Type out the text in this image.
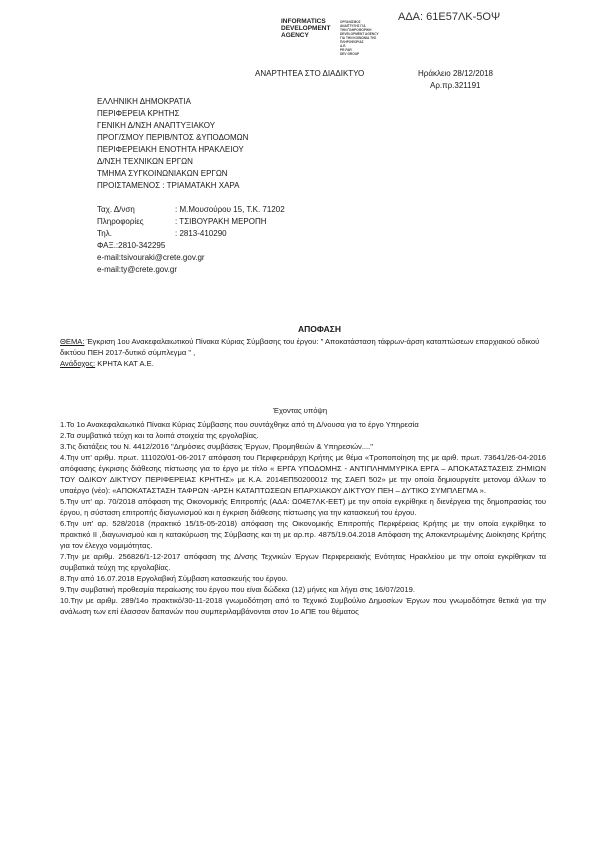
ΑΔΑ: 61Ε57ΛΚ-5ΟΨ
INFORMATICS
DEVELOPMENT
AGENCY
ΟΡΓΑΝΙΣΜΟΣ
ΑΝΑΠΤΥΞΗΣ ΓΙΑ
ΤΗΝ ΠΛΗΡΟΦΟΡΙΚΗ
DEVELOPMENT AGENCY
ΓΙΑ ΤΗΝ ΚΟΙΝΩΝΙΑ ΤΗΣ
ΠΛΗΡΟΦΟΡΙΑΣ
Α.Ε.
PR FAR
DEV GROUP
ΑΝΑΡΤΗΤΕΑ ΣΤΟ ΔΙΑΔΙΚΤΥΟ	Ηράκλειο 28/12/2018
Αρ.πρ.321191
ΕΛΛΗΝΙΚΗ ΔΗΜΟΚΡΑΤΙΑ
ΠΕΡΙΦΕΡΕΙΑ ΚΡΗΤΗΣ
ΓΕΝΙΚΗ Δ/ΝΣΗ ΑΝΑΠΤΥΞΙΑΚΟΥ
ΠΡΟΓ/ΣΜΟΥ ΠΕΡΙΒ/ΝΤΟΣ &ΥΠΟΔΟΜΩΝ
ΠΕΡΙΦΕΡΕΙΑΚΗ ΕΝΟΤΗΤΑ ΗΡΑΚΛΕΙΟΥ
Δ/ΝΣΗ ΤΕΧΝΙΚΩΝ ΕΡΓΩΝ
ΤΜΗΜΑ ΣΥΓΚΟΙΝΩΝΙΑΚΩΝ ΕΡΓΩΝ
ΠΡΟΙΣΤΑΜΕΝΟΣ : ΤΡΙΑΜΑΤΑΚΗ ΧΑΡΑ
Ταχ. Δ/νση	: Μ.Μουσούρου 15, Τ.Κ. 71202
Πληροφορίες	: ΤΣΙΒΟΥΡΑΚΗ ΜΕΡΟΠΗ
Τηλ.	: 2813-410290
ΦΑΞ.:2810-342295
e-mail:tsivouraki@crete.gov.gr
e-mail:ty@crete.gov.gr
ΑΠΟΦΑΣΗ
ΘΕΜΑ: Έγκριση 1ου Ανακεφαλαιωτικού Πίνακα Κύριας Σύμβασης του έργου: " Αποκατάσταση τάφρων-άρση καταπτώσεων επαρχιακού οδικού δικτύου ΠΕΗ 2017-δυτικό σύμπλεγμα " ,
Ανάδοχος: ΚΡΗΤΑ ΚΑΤ Α.Ε.
Έχοντας υπόψη
1.Το 1ο Ανακεφαλαιωτικό Πίνακα Κύριας Σύμβασης που συντάχθηκε από τη Δ/νουσα για το έργο Υπηρεσία
2.Τα συμβατικά τεύχη και τα λοιπά στοιχεία της εργολαβίας.
3.Τις διατάξεις του Ν. 4412/2016 "Δημόσιες συμβάσεις Έργων, Προμηθειών & Υπηρεσιών...."
4.Την υπ' αριθμ. πρωτ. 111020/01-06-2017 απόφαση του Περιφερειάρχη Κρήτης με θέμα «Τροποποίηση της με αριθ. πρωτ. 73641/26-04-2016 απόφασης έγκρισης διάθεσης πίστωσης για το έργο με τίτλο « ΕΡΓΑ ΥΠΟΔΟΜΗΣ - ΑΝΤΙΠΛΗΜΜΥΡΙΚΑ ΕΡΓΑ – ΑΠΟΚΑΤΑΣΤΑΣΕΙΣ ΖΗΜΙΩΝ ΤΟΥ ΟΔΙΚΟΥ ΔΙΚΤΥΟΥ ΠΕΡΙΦΕΡΕΙΑΣ ΚΡΗΤΗΣ» με Κ.Α. 2014ΕΠ50200012 της ΣΑΕΠ 502» με την οποία δημιουργείτε μετονομ άλλων το υπαέργο (νέο): «ΑΠΟΚΑΤΑΣΤΑΣΗ ΤΑΦΡΩΝ -ΑΡΣΗ ΚΑΤΑΠΤΩΣΕΩΝ ΕΠΑΡΧΙΑΚΟΥ ΔΙΚΤΥΟΥ ΠΕΗ – ΔΥΤΙΚΟ ΣΥΜΠΛΕΓΜΑ ».
5.Την υπ' αρ. 70/2018 απόφαση της Οικονομικής Επιτροπής (ΑΔΑ: Ω04Ε7ΛΚ-ΕΕΤ) με την οποία εγκρίθηκε η διενέργεια της δημοπρασίας του έργου, η σύσταση επιτροπής διαγωνισμού και η έγκριση διάθεσης πίστωσης για την κατασκευή του έργου.
6.Την υπ' αρ. 528/2018 (πρακτικό 15/15-05-2018) απόφαση της Οικονομικής Επιτροπής Περιφέρειας Κρήτης με την οποία εγκρίθηκε το πρακτικό ΙΙ ,διαγωνισμού και η κατακύρωση της Σύμβασης και τη με αρ.πρ. 4875/19.04.2018 Απόφαση της Αποκεντρωμένης Διοίκησης Κρήτης για τον έλεγχο νομιμότητας.
7.Την με αριθμ. 256826/1-12-2017 απόφαση της Δ/νσης Τεχνικών Έργων Περιφερειακής Ενότητας Ηρακλείου με την οποία εγκρίθηκαν τα συμβατικά τεύχη της εργολαβίας.
8.Την από 16.07.2018 Εργολαβική Σύμβαση κατασκευής του έργου.
9.Την συμβατική προθεσμία περαίωσης του έργου που είναι δώδεκα (12) μήνες και λήγει στις 16/07/2019.
10.Την με αριθμ. 289/14ο πρακτικό/30-11-2018 γνωμοδότηση από το Τεχνικό Συμβούλιο Δημοσίων Έργων που γνωμοδότησε θετικά για την ανάλωση των επί έλασσον δαπανών που συμπεριλαμβάνονται στον 1ο ΑΠΕ του θέματος
